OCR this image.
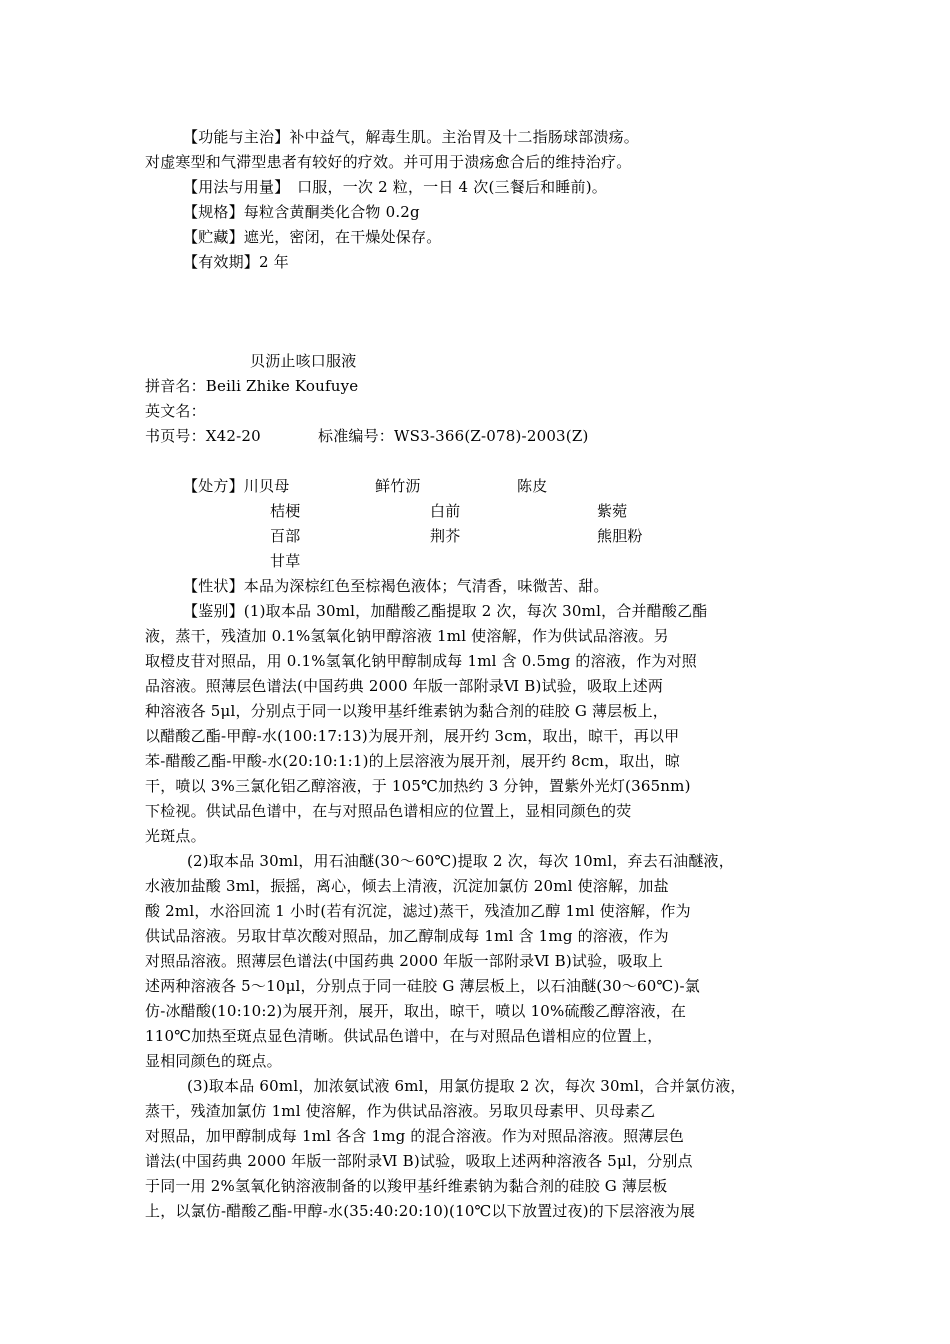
【功能与主治】补中益气，解毒生肌。主治胃及十二指肠球部溃疡。
对虚寒型和气滞型患者有较好的疗效。并可用于溃疡愈合后的维持治疗。
【用法与用量】　口服，一次 2 粒，一日 4 次(三餐后和睡前)。
【规格】每粒含黄酮类化合物 0.2g
【贮藏】遮光，密闭，在干燥处保存。
【有效期】2 年
贝沥止咳口服液
拼音名：Beili Zhike Koufuye
英文名：
书页号：X42-20	标准编号：WS3-366(Z-078)-2003(Z)
【处方】川贝母	鲜竹沥	陈皮
桔梗	白前	紫菀
百部	荆芥	熊胆粉
甘草
【性状】本品为深棕红色至棕褐色液体；气清香，味微苦、甜。
【鉴别】(1)取本品 30ml，加醋酸乙酯提取 2 次，每次 30ml，合并醋酸乙酯
液，蒸干，残渣加 0.1%氢氧化钠甲醇溶液 1ml 使溶解，作为供试品溶液。另
取橙皮苷对照品，用 0.1%氢氧化钠甲醇制成每 1ml 含 0.5mg 的溶液，作为对照
品溶液。照薄层色谱法(中国药典 2000 年版一部附录Ⅵ B)试验，吸取上述两
种溶液各 5μl，分别点于同一以羧甲基纤维素钠为黏合剂的硅胶 G 薄层板上，
以醋酸乙酯-甲醇-水(100:17:13)为展开剂，展开约 3cm，取出，晾干，再以甲
苯-醋酸乙酯-甲酸-水(20:10:1:1)的上层溶液为展开剂，展开约 8cm，取出，晾
干，喷以 3%三氯化铝乙醇溶液，于 105℃加热约 3 分钟，置紫外光灯(365nm)
下检视。供试品色谱中，在与对照品色谱相应的位置上，显相同颜色的荧
光斑点。
(2)取本品 30ml，用石油醚(30～60℃)提取 2 次，每次 10ml，弃去石油醚液，
水液加盐酸 3ml，振摇，离心，倾去上清液，沉淀加氯仿 20ml 使溶解，加盐
酸 2ml，水浴回流 1 小时(若有沉淀，滤过)蒸干，残渣加乙醇 1ml 使溶解，作为
供试品溶液。另取甘草次酸对照品，加乙醇制成每 1ml 含 1mg 的溶液，作为
对照品溶液。照薄层色谱法(中国药典 2000 年版一部附录Ⅵ B)试验，吸取上
述两种溶液各 5～10μl，分别点于同一硅胶 G 薄层板上，以石油醚(30～60℃)-氯
仿-冰醋酸(10:10:2)为展开剂，展开，取出，晾干，喷以 10%硫酸乙醇溶液，在
110℃加热至斑点显色清晰。供试品色谱中，在与对照品色谱相应的位置上，
显相同颜色的斑点。
(3)取本品 60ml，加浓氨试液 6ml，用氯仿提取 2 次，每次 30ml，合并氯仿液，
蒸干，残渣加氯仿 1ml 使溶解，作为供试品溶液。另取贝母素甲、贝母素乙
对照品，加甲醇制成每 1ml 各含 1mg 的混合溶液。作为对照品溶液。照薄层色
谱法(中国药典 2000 年版一部附录Ⅵ B)试验，吸取上述两种溶液各 5μl，分别点
于同一用 2%氢氧化钠溶液制备的以羧甲基纤维素钠为黏合剂的硅胶 G 薄层板
上，以氯仿-醋酸乙酯-甲醇-水(35:40:20:10)(10℃以下放置过夜)的下层溶液为展
